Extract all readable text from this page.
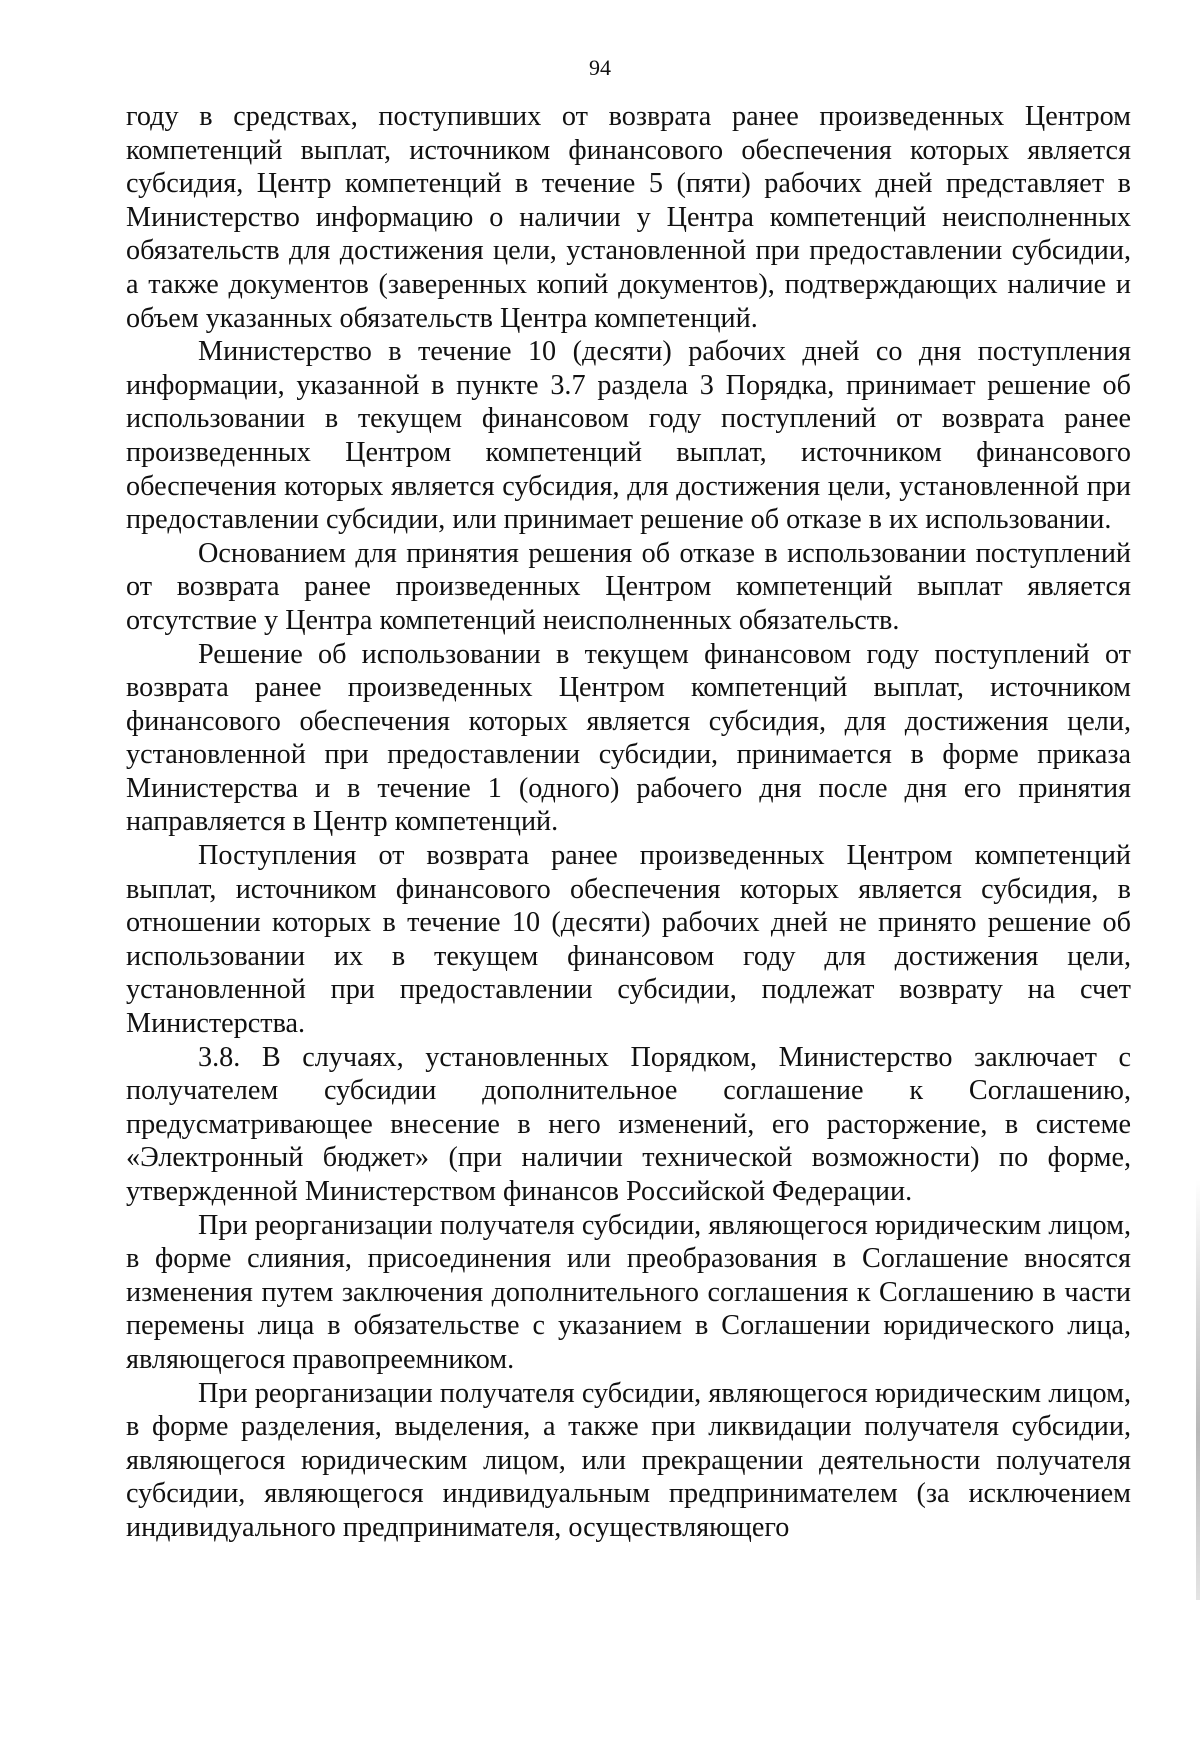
94

году в средствах, поступивших от возврата ранее произведенных Центром компетенций выплат, источником финансового обеспечения которых является субсидия, Центр компетенций в течение 5 (пяти) рабочих дней представляет в Министерство информацию о наличии у Центра компетенций неисполненных обязательств для достижения цели, установленной при предоставлении субсидии, а также документов (заверенных копий документов), подтверждающих наличие и объем указанных обязательств Центра компетенций.

Министерство в течение 10 (десяти) рабочих дней со дня поступления информации, указанной в пункте 3.7 раздела 3 Порядка, принимает решение об использовании в текущем финансовом году поступлений от возврата ранее произведенных Центром компетенций выплат, источником финансового обеспечения которых является субсидия, для достижения цели, установленной при предоставлении субсидии, или принимает решение об отказе в их использовании.

Основанием для принятия решения об отказе в использовании поступлений от возврата ранее произведенных Центром компетенций выплат является отсутствие у Центра компетенций неисполненных обязательств.

Решение об использовании в текущем финансовом году поступлений от возврата ранее произведенных Центром компетенций выплат, источником финансового обеспечения которых является субсидия, для достижения цели, установленной при предоставлении субсидии, принимается в форме приказа Министерства и в течение 1 (одного) рабочего дня после дня его принятия направляется в Центр компетенций.

Поступления от возврата ранее произведенных Центром компетенций выплат, источником финансового обеспечения которых является субсидия, в отношении которых в течение 10 (десяти) рабочих дней не принято решение об использовании их в текущем финансовом году для достижения цели, установленной при предоставлении субсидии, подлежат возврату на счет Министерства.

3.8. В случаях, установленных Порядком, Министерство заключает с получателем субсидии дополнительное соглашение к Соглашению, предусматривающее внесение в него изменений, его расторжение, в системе «Электронный бюджет» (при наличии технической возможности) по форме, утвержденной Министерством финансов Российской Федерации.

При реорганизации получателя субсидии, являющегося юридическим лицом, в форме слияния, присоединения или преобразования в Соглашение вносятся изменения путем заключения дополнительного соглашения к Соглашению в части перемены лица в обязательстве с указанием в Соглашении юридического лица, являющегося правопреемником.

При реорганизации получателя субсидии, являющегося юридическим лицом, в форме разделения, выделения, а также при ликвидации получателя субсидии, являющегося юридическим лицом, или прекращении деятельности получателя субсидии, являющегося индивидуальным предпринимателем (за исключением индивидуального предпринимателя, осуществляющего
